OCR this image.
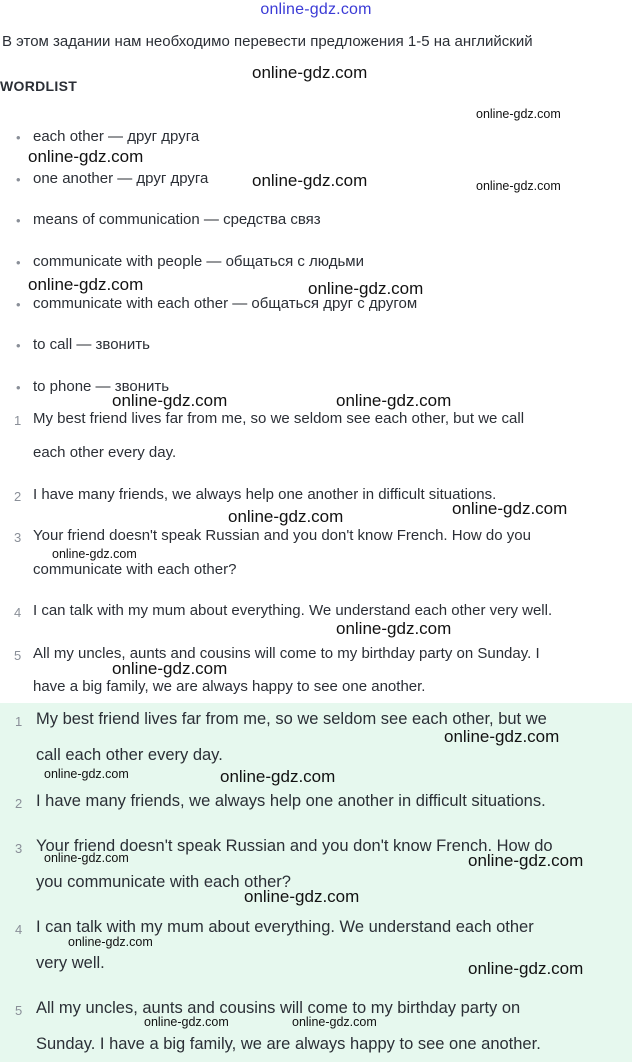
online-gdz.com
В этом задании нам необходимо перевести предложения 1-5 на английский
WORDLIST
• each other — друг друга
• one another — друг друга
• means of communication — средства связ
• communicate with people — общаться с людьми
• communicate with each other — общаться друг с другом
• to call — звонить
• to phone — звонить
1 My best friend lives far from me, so we seldom see each other, but we call
each other every day.
2 I have many friends, we always help one another in difficult situations.
3 Your friend doesn't speak Russian and you don't know French. How do you
communicate with each other?
4 I can talk with my mum about everything. We understand each other very well.
5 All my uncles, aunts and cousins will come to my birthday party on Sunday. I
have a big family, we are always happy to see one another.
1 My best friend lives far from me, so we seldom see each other, but we
call each other every day.
2 I have many friends, we always help one another in difficult situations.
3 Your friend doesn't speak Russian and you don't know French. How do
you communicate with each other?
4 I can talk with my mum about everything. We understand each other
very well.
5 All my uncles, aunts and cousins will come to my birthday party on
Sunday. I have a big family, we are always happy to see one another.
online-gdz.com
online-gdz.com
online-gdz.com
online-gdz.com	online-gdz.com
online-gdz.com	online-gdz.com
online-gdz.com	online-gdz.com
online-gdz.com
online-gdz.com
online-gdz.com
online-gdz.com
online-gdz.com
online-gdz.com
online-gdz.com	online-gdz.com
online-gdz.com	online-gdz.com
online-gdz.com
online-gdz.com
online-gdz.com
online-gdz.com	online-gdz.com
